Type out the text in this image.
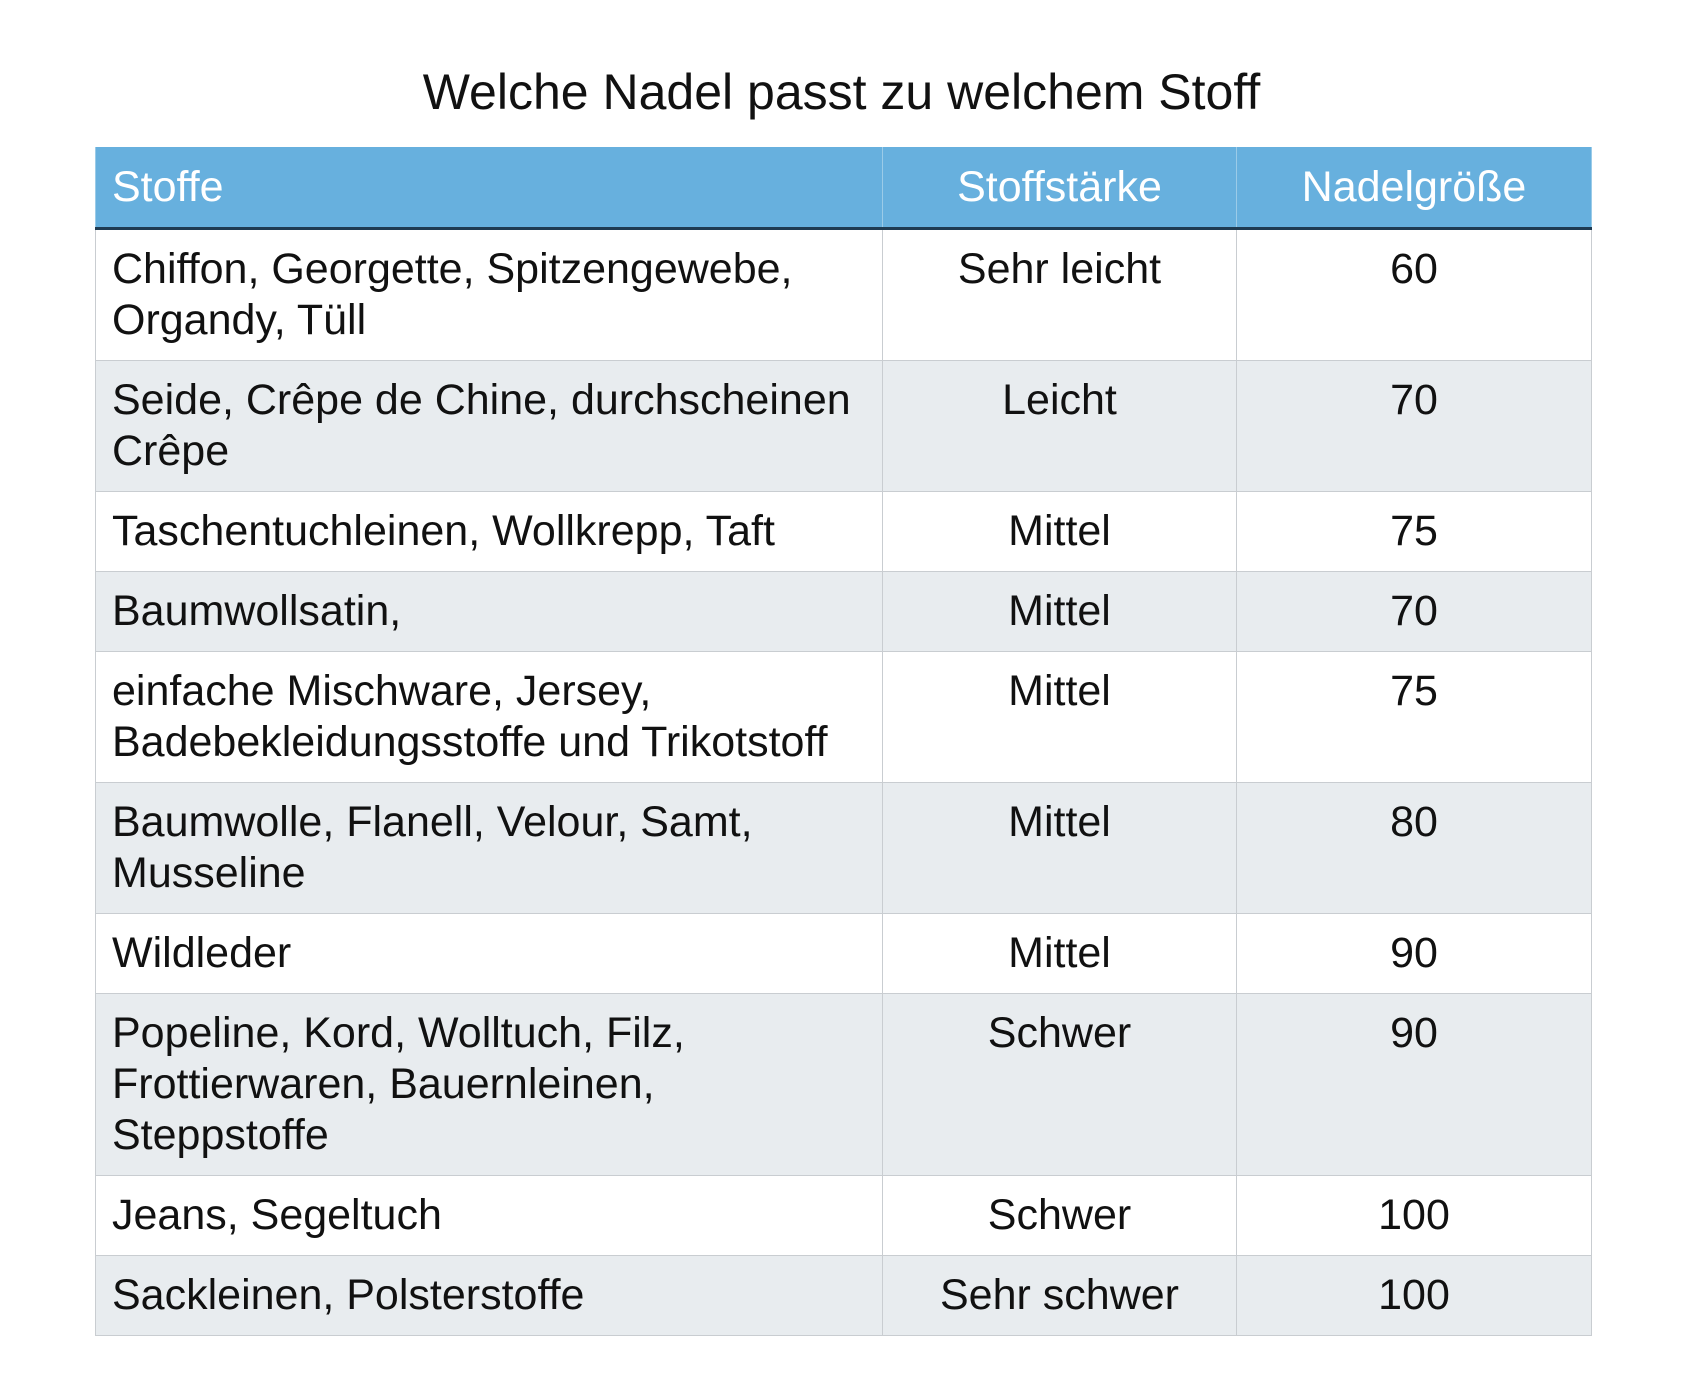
Welche Nadel passt zu welchem Stoff
Stoffe	Stoffstärke	Nadelgröße
Chiffon, Georgette, Spitzengewebe, Organdy, Tüll	Sehr leicht	60
Seide, Crêpe de Chine, durchscheinen Crêpe	Leicht	70
Taschentuchleinen, Wollkrepp, Taft	Mittel	75
Baumwollsatin,	Mittel	70
einfache Mischware, Jersey, Badebekleidungsstoffe und Trikotstoff	Mittel	75
Baumwolle, Flanell, Velour, Samt, Musseline	Mittel	80
Wildleder	Mittel	90
Popeline, Kord, Wolltuch, Filz, Frottierwaren, Bauernleinen, Steppstoffe	Schwer	90
Jeans, Segeltuch	Schwer	100
Sackleinen, Polsterstoffe	Sehr schwer	100
